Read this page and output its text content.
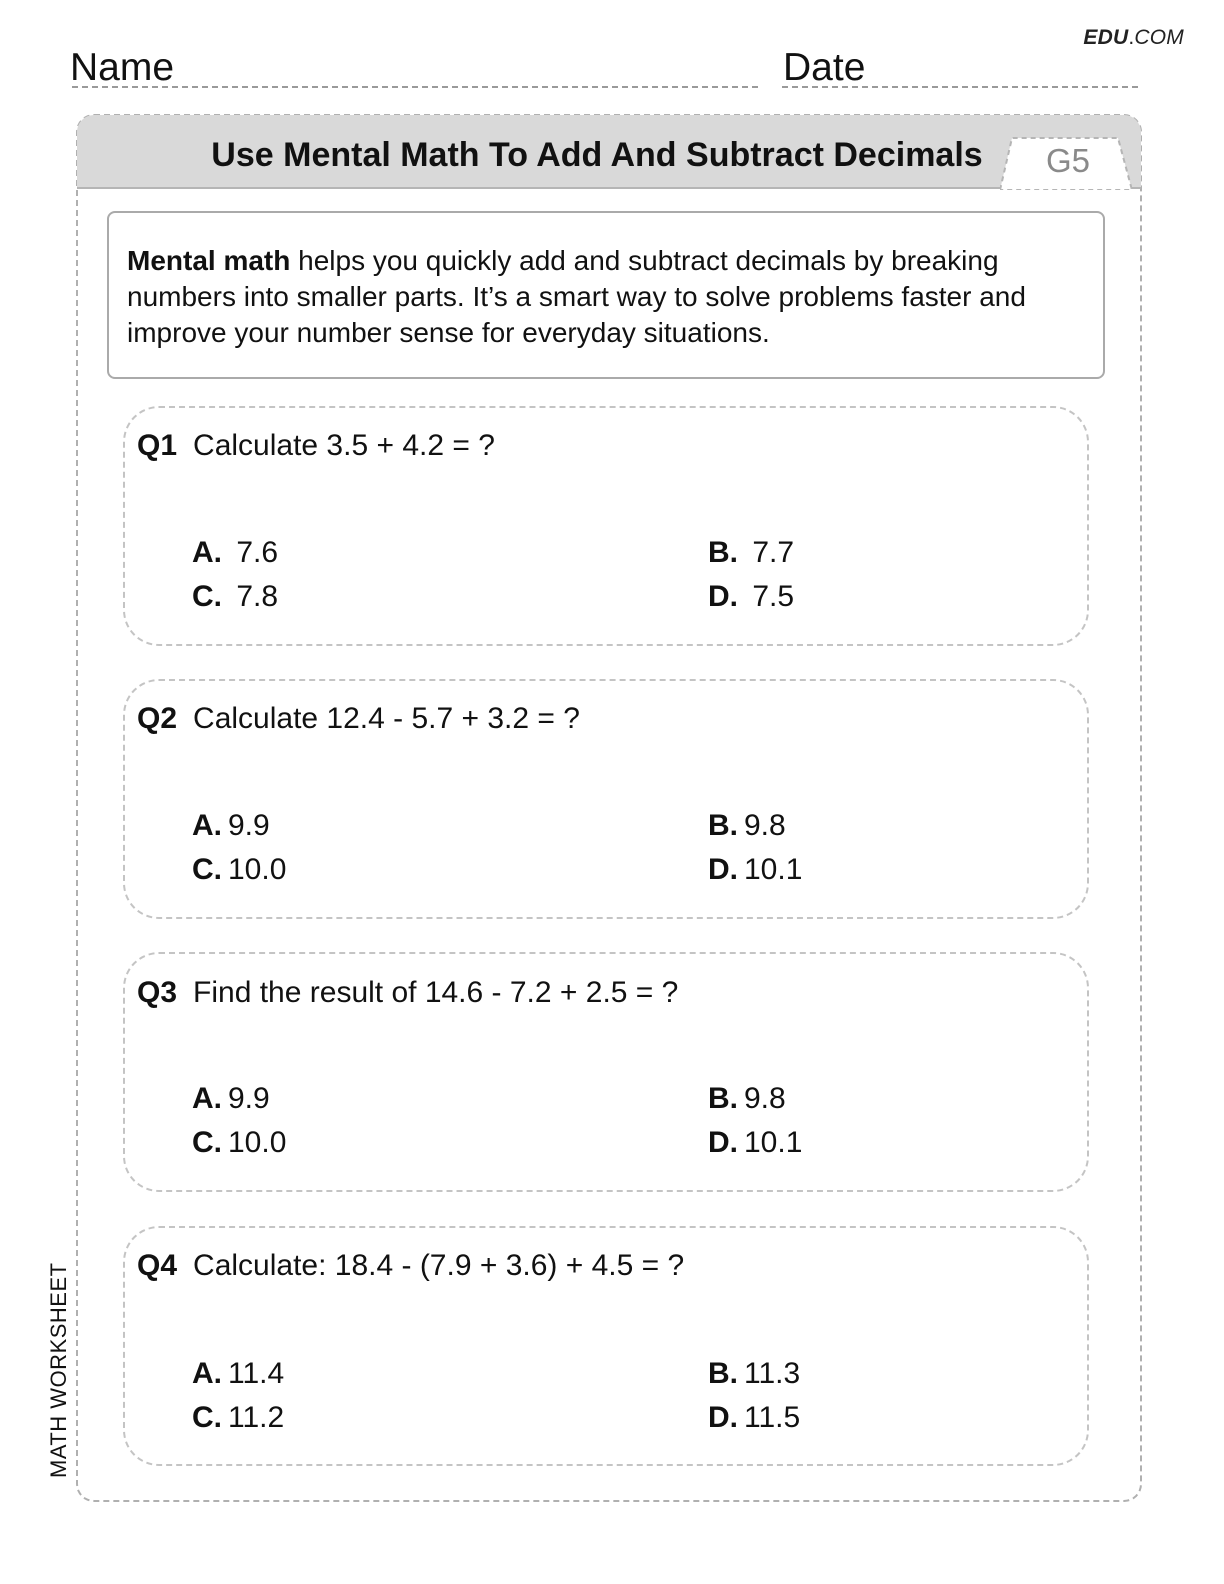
EDU.COM
Name	Date
Use Mental Math To Add And Subtract Decimals	G5
Mental math helps you quickly add and subtract decimals by breaking numbers into smaller parts. It’s a smart way to solve problems faster and improve your number sense for everyday situations.
Q1 Calculate 3.5 + 4.2 = ?
A. 7.6	B. 7.7
C. 7.8	D. 7.5
Q2 Calculate 12.4 - 5.7 + 3.2 = ?
A. 9.9	B. 9.8
C. 10.0	D. 10.1
Q3 Find the result of 14.6 - 7.2 + 2.5 = ?
A. 9.9	B. 9.8
C. 10.0	D. 10.1
Q4 Calculate: 18.4 - (7.9 + 3.6) + 4.5 = ?
A. 11.4	B. 11.3
C. 11.2	D. 11.5
MATH WORKSHEET
